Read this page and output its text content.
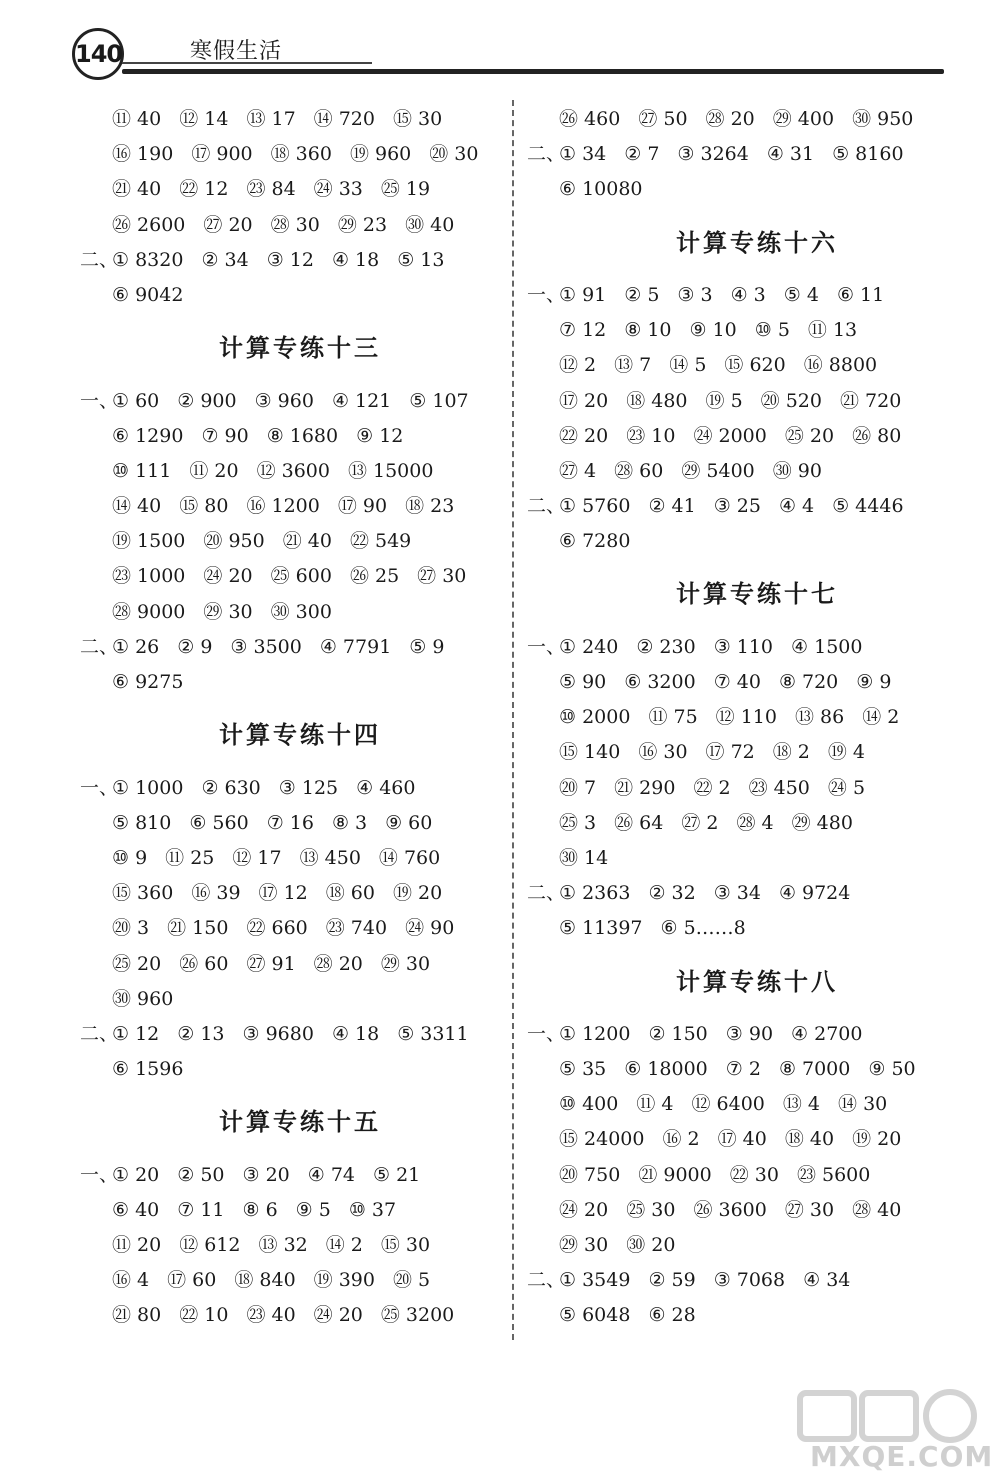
140	寒假生活
⑪ 40 ⑫ 14 ⑬ 17 ⑭ 720 ⑮ 30
⑯ 190 ⑰ 900 ⑱ 360 ⑲ 960 ⑳ 30
㉑ 40 ㉒ 12 ㉓ 84 ㉔ 33 ㉕ 19
㉖ 2600 ㉗ 20 ㉘ 30 ㉙ 23 ㉚ 40
二、① 8320 ② 34 ③ 12 ④ 18 ⑤ 13
⑥ 9042
计算专练十三
一、① 60 ② 900 ③ 960 ④ 121 ⑤ 107
⑥ 1290 ⑦ 90 ⑧ 1680 ⑨ 12
⑩ 111 ⑪ 20 ⑫ 3600 ⑬ 15000
⑭ 40 ⑮ 80 ⑯ 1200 ⑰ 90 ⑱ 23
⑲ 1500 ⑳ 950 ㉑ 40 ㉒ 549
㉓ 1000 ㉔ 20 ㉕ 600 ㉖ 25 ㉗ 30
㉘ 9000 ㉙ 30 ㉚ 300
二、① 26 ② 9 ③ 3500 ④ 7791 ⑤ 9
⑥ 9275
计算专练十四
一、① 1000 ② 630 ③ 125 ④ 460
⑤ 810 ⑥ 560 ⑦ 16 ⑧ 3 ⑨ 60
⑩ 9 ⑪ 25 ⑫ 17 ⑬ 450 ⑭ 760
⑮ 360 ⑯ 39 ⑰ 12 ⑱ 60 ⑲ 20
⑳ 3 ㉑ 150 ㉒ 660 ㉓ 740 ㉔ 90
㉕ 20 ㉖ 60 ㉗ 91 ㉘ 20 ㉙ 30
㉚ 960
二、① 12 ② 13 ③ 9680 ④ 18 ⑤ 3311
⑥ 1596
计算专练十五
一、① 20 ② 50 ③ 20 ④ 74 ⑤ 21
⑥ 40 ⑦ 11 ⑧ 6 ⑨ 5 ⑩ 37
⑪ 20 ⑫ 612 ⑬ 32 ⑭ 2 ⑮ 30
⑯ 4 ⑰ 60 ⑱ 840 ⑲ 390 ⑳ 5
㉑ 80 ㉒ 10 ㉓ 40 ㉔ 20 ㉕ 3200
㉖ 460 ㉗ 50 ㉘ 20 ㉙ 400 ㉚ 950
二、① 34 ② 7 ③ 3264 ④ 31 ⑤ 8160
⑥ 10080
计算专练十六
一、① 91 ② 5 ③ 3 ④ 3 ⑤ 4 ⑥ 11
⑦ 12 ⑧ 10 ⑨ 10 ⑩ 5 ⑪ 13
⑫ 2 ⑬ 7 ⑭ 5 ⑮ 620 ⑯ 8800
⑰ 20 ⑱ 480 ⑲ 5 ⑳ 520 ㉑ 720
㉒ 20 ㉓ 10 ㉔ 2000 ㉕ 20 ㉖ 80
㉗ 4 ㉘ 60 ㉙ 5400 ㉚ 90
二、① 5760 ② 41 ③ 25 ④ 4 ⑤ 4446
⑥ 7280
计算专练十七
一、① 240 ② 230 ③ 110 ④ 1500
⑤ 90 ⑥ 3200 ⑦ 40 ⑧ 720 ⑨ 9
⑩ 2000 ⑪ 75 ⑫ 110 ⑬ 86 ⑭ 2
⑮ 140 ⑯ 30 ⑰ 72 ⑱ 2 ⑲ 4
⑳ 7 ㉑ 290 ㉒ 2 ㉓ 450 ㉔ 5
㉕ 3 ㉖ 64 ㉗ 2 ㉘ 4 ㉙ 480
㉚ 14
二、① 2363 ② 32 ③ 34 ④ 9724
⑤ 11397 ⑥ 5……8
计算专练十八
一、① 1200 ② 150 ③ 90 ④ 2700
⑤ 35 ⑥ 18000 ⑦ 2 ⑧ 7000 ⑨ 50
⑩ 400 ⑪ 4 ⑫ 6400 ⑬ 4 ⑭ 30
⑮ 24000 ⑯ 2 ⑰ 40 ⑱ 40 ⑲ 20
⑳ 750 ㉑ 9000 ㉒ 30 ㉓ 5600
㉔ 20 ㉕ 30 ㉖ 3600 ㉗ 30 ㉘ 40
㉙ 30 ㉚ 20
二、① 3549 ② 59 ③ 7068 ④ 34
⑤ 6048 ⑥ 28
MXQE.COM
